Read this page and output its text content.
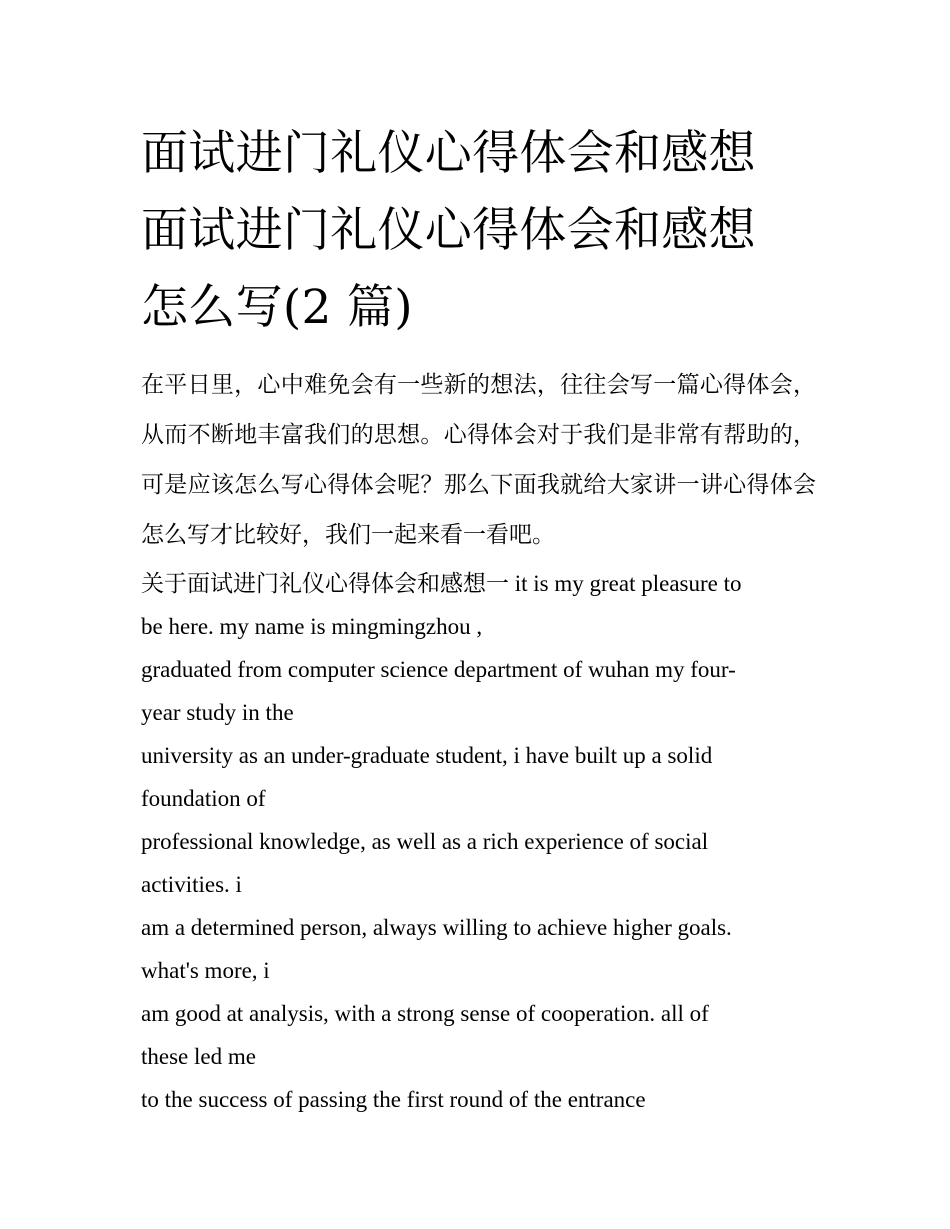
面试进门礼仪心得体会和感想
面试进门礼仪心得体会和感想
怎么写(2 篇)

在平日里，心中难免会有一些新的想法，往往会写一篇心得体会，从而不断地丰富我们的思想。心得体会对于我们是非常有帮助的，可是应该怎么写心得体会呢？那么下面我就给大家讲一讲心得体会怎么写才比较好，我们一起来看一看吧。

关于面试进门礼仪心得体会和感想一 it is my great pleasure to
be here. my name is mingmingzhou ,
graduated from computer science department of wuhan my four-
year study in the
university as an under-graduate student, i have built up a solid
foundation of
professional knowledge, as well as a rich experience of social
activities. i
am a determined person, always willing to achieve higher goals.
what's more, i
am good at analysis, with a strong sense of cooperation. all of
these led me
to the success of passing the first round of the entrance
